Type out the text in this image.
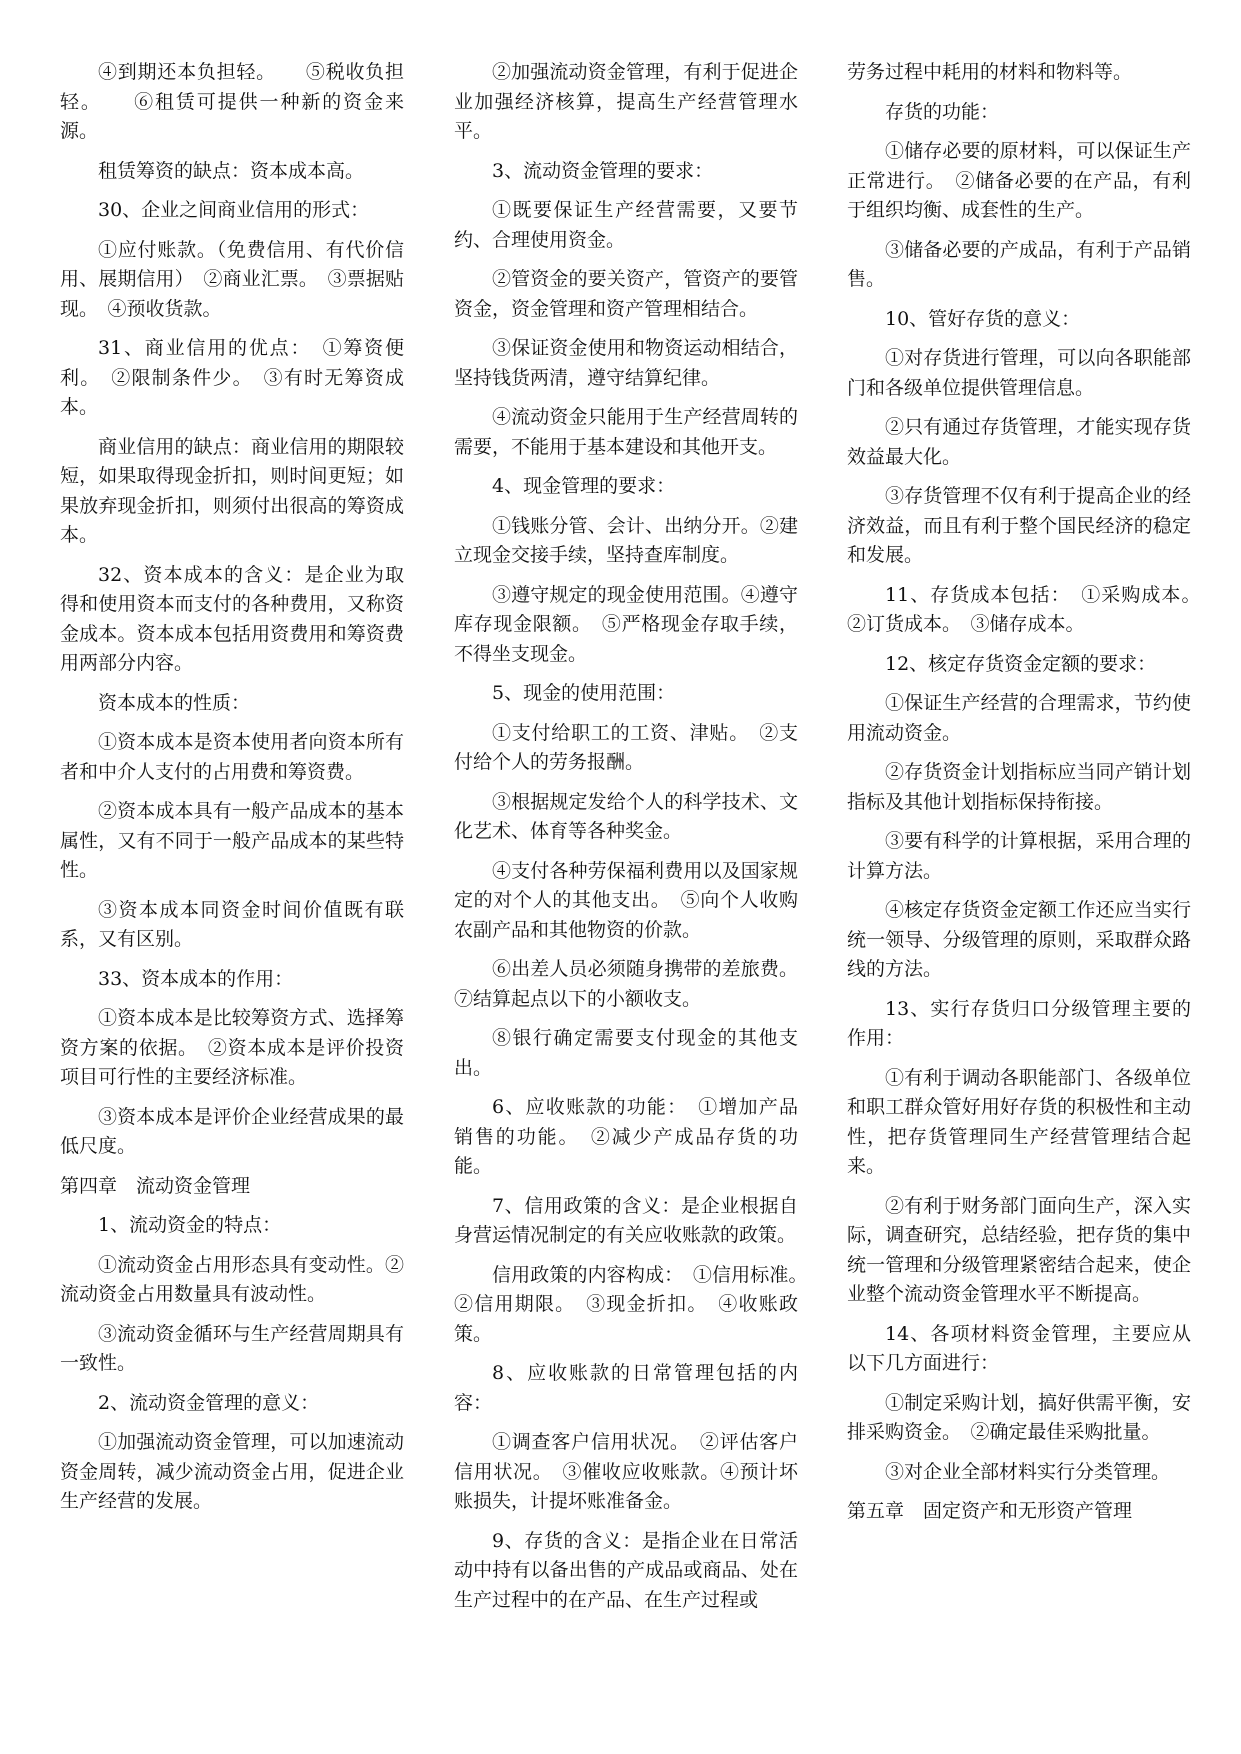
④到期还本负担轻。　　⑤税收负担轻。　　⑥租赁可提供一种新的资金来源。

租赁筹资的缺点：资本成本高。

30、企业之间商业信用的形式：

①应付账款。（免费信用、有代价信用、展期信用）　②商业汇票。　③票据贴现。　④预收货款。

31、商业信用的优点：　①筹资便利。　②限制条件少。　③有时无筹资成本。

商业信用的缺点：商业信用的期限较短，如果取得现金折扣，则时间更短；如果放弃现金折扣，则须付出很高的筹资成本。

32、资本成本的含义：是企业为取得和使用资本而支付的各种费用，又称资金成本。资本成本包括用资费用和筹资费用两部分内容。

资本成本的性质：

①资本成本是资本使用者向资本所有者和中介人支付的占用费和筹资费。

②资本成本具有一般产品成本的基本属性，又有不同于一般产品成本的某些特性。

③资本成本同资金时间价值既有联系，又有区别。

33、资本成本的作用：

①资本成本是比较筹资方式、选择筹资方案的依据。　②资本成本是评价投资项目可行性的主要经济标准。

③资本成本是评价企业经营成果的最低尺度。

第四章　流动资金管理

1、流动资金的特点：

①流动资金占用形态具有变动性。②流动资金占用数量具有波动性。

③流动资金循环与生产经营周期具有一致性。

2、流动资金管理的意义：

①加强流动资金管理，可以加速流动资金周转，减少流动资金占用，促进企业生产经营的发展。

②加强流动资金管理，有利于促进企业加强经济核算，提高生产经营管理水平。

3、流动资金管理的要求：

①既要保证生产经营需要，又要节约、合理使用资金。

②管资金的要关资产，管资产的要管资金，资金管理和资产管理相结合。

③保证资金使用和物资运动相结合，坚持钱货两清，遵守结算纪律。

④流动资金只能用于生产经营周转的需要，不能用于基本建设和其他开支。

4、现金管理的要求：

①钱账分管、会计、出纳分开。②建立现金交接手续，坚持查库制度。

③遵守规定的现金使用范围。④遵守库存现金限额。　⑤严格现金存取手续，不得坐支现金。

5、现金的使用范围：

①支付给职工的工资、津贴。　②支付给个人的劳务报酬。

③根据规定发给个人的科学技术、文化艺术、体育等各种奖金。

④支付各种劳保福利费用以及国家规定的对个人的其他支出。　⑤向个人收购农副产品和其他物资的价款。

⑥出差人员必须随身携带的差旅费。⑦结算起点以下的小额收支。

⑧银行确定需要支付现金的其他支出。

6、应收账款的功能：　①增加产品销售的功能。　②减少产成品存货的功能。

7、信用政策的含义：是企业根据自身营运情况制定的有关应收账款的政策。

信用政策的内容构成：　①信用标准。　②信用期限。　③现金折扣。　④收账政策。

8、应收账款的日常管理包括的内容：

①调查客户信用状况。　②评估客户信用状况。　③催收应收账款。④预计坏账损失，计提坏账准备金。

9、存货的含义：是指企业在日常活动中持有以备出售的产成品或商品、处在生产过程中的在产品、在生产过程或

劳务过程中耗用的材料和物料等。

存货的功能：

①储存必要的原材料，可以保证生产正常进行。　②储备必要的在产品，有利于组织均衡、成套性的生产。

③储备必要的产成品，有利于产品销售。

10、管好存货的意义：

①对存货进行管理，可以向各职能部门和各级单位提供管理信息。

②只有通过存货管理，才能实现存货效益最大化。

③存货管理不仅有利于提高企业的经济效益，而且有利于整个国民经济的稳定和发展。

11、存货成本包括：　①采购成本。　②订货成本。　③储存成本。

12、核定存货资金定额的要求：

①保证生产经营的合理需求，节约使用流动资金。

②存货资金计划指标应当同产销计划指标及其他计划指标保持衔接。

③要有科学的计算根据，采用合理的计算方法。

④核定存货资金定额工作还应当实行统一领导、分级管理的原则，采取群众路线的方法。

13、实行存货归口分级管理主要的作用：

①有利于调动各职能部门、各级单位和职工群众管好用好存货的积极性和主动性，把存货管理同生产经营管理结合起来。

②有利于财务部门面向生产，深入实际，调查研究，总结经验，把存货的集中统一管理和分级管理紧密结合起来，使企业整个流动资金管理水平不断提高。

14、各项材料资金管理，主要应从以下几方面进行：

①制定采购计划，搞好供需平衡，安排采购资金。　②确定最佳采购批量。

③对企业全部材料实行分类管理。

第五章　固定资产和无形资产管理
